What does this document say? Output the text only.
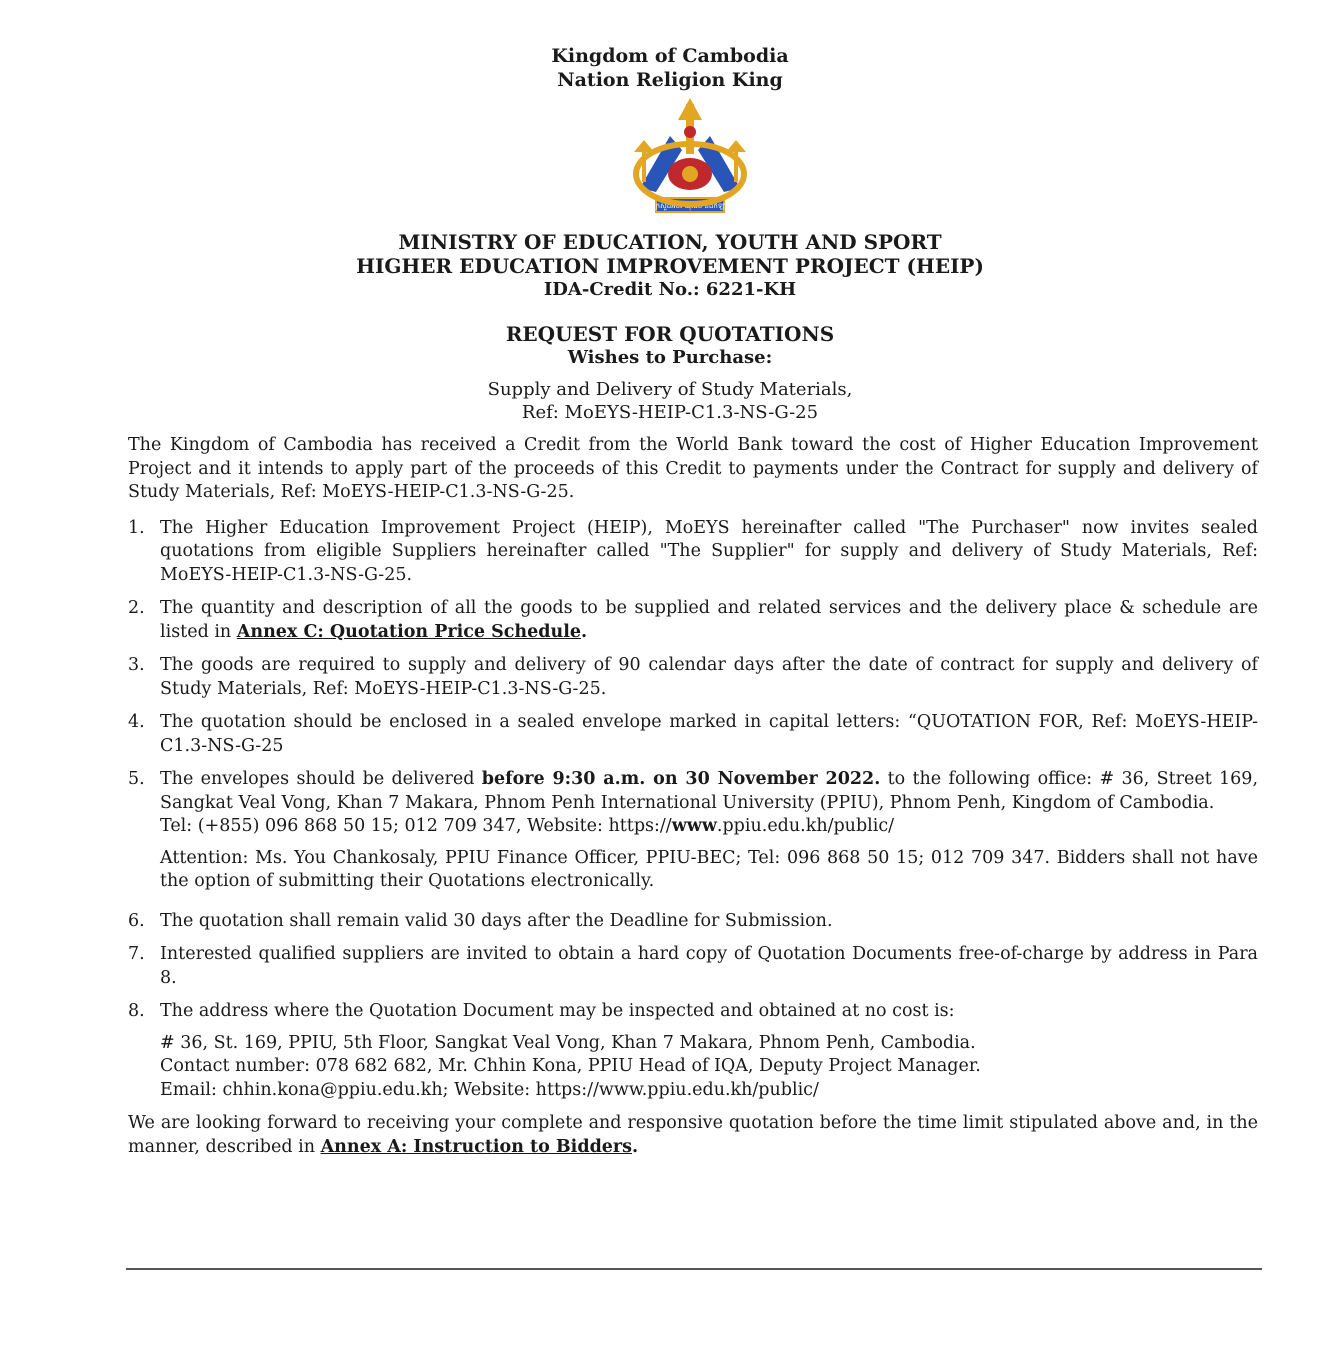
Kingdom of Cambodia
Nation Religion King
ក្រសួងអប់រំ យុវជន និងកីឡា
MINISTRY OF EDUCATION, YOUTH AND SPORT
HIGHER EDUCATION IMPROVEMENT PROJECT (HEIP)
IDA-Credit No.: 6221-KH
REQUEST FOR QUOTATIONS
Wishes to Purchase:
Supply and Delivery of Study Materials,
Ref: MoEYS-HEIP-C1.3-NS-G-25
The Kingdom of Cambodia has received a Credit from the World Bank toward the cost of Higher Education Improvement Project and it intends to apply part of the proceeds of this Credit to payments under the Contract for supply and delivery of Study Materials, Ref: MoEYS-HEIP-C1.3-NS-G-25.
1. The Higher Education Improvement Project (HEIP), MoEYS hereinafter called "The Purchaser" now invites sealed quotations from eligible Suppliers hereinafter called "The Supplier" for supply and delivery of Study Materials, Ref: MoEYS-HEIP-C1.3-NS-G-25.
2. The quantity and description of all the goods to be supplied and related services and the delivery place & schedule are listed in Annex C: Quotation Price Schedule.
3. The goods are required to supply and delivery of 90 calendar days after the date of contract for supply and delivery of Study Materials, Ref: MoEYS-HEIP-C1.3-NS-G-25.
4. The quotation should be enclosed in a sealed envelope marked in capital letters: “QUOTATION FOR, Ref: MoEYS-HEIP-C1.3-NS-G-25
5. The envelopes should be delivered before 9:30 a.m. on 30 November 2022. to the following office: # 36, Street 169, Sangkat Veal Vong, Khan 7 Makara, Phnom Penh International University (PPIU), Phnom Penh, Kingdom of Cambodia.
Tel: (+855) 096 868 50 15; 012 709 347, Website: https://www.ppiu.edu.kh/public/
Attention: Ms. You Chankosaly, PPIU Finance Officer, PPIU-BEC; Tel: 096 868 50 15; 012 709 347. Bidders shall not have the option of submitting their Quotations electronically.
6. The quotation shall remain valid 30 days after the Deadline for Submission.
7. Interested qualified suppliers are invited to obtain a hard copy of Quotation Documents free-of-charge by address in Para 8.
8. The address where the Quotation Document may be inspected and obtained at no cost is:
# 36, St. 169, PPIU, 5th Floor, Sangkat Veal Vong, Khan 7 Makara, Phnom Penh, Cambodia.
Contact number: 078 682 682, Mr. Chhin Kona, PPIU Head of IQA, Deputy Project Manager.
Email: chhin.kona@ppiu.edu.kh; Website: https://www.ppiu.edu.kh/public/
We are looking forward to receiving your complete and responsive quotation before the time limit stipulated above and, in the manner, described in Annex A: Instruction to Bidders.
